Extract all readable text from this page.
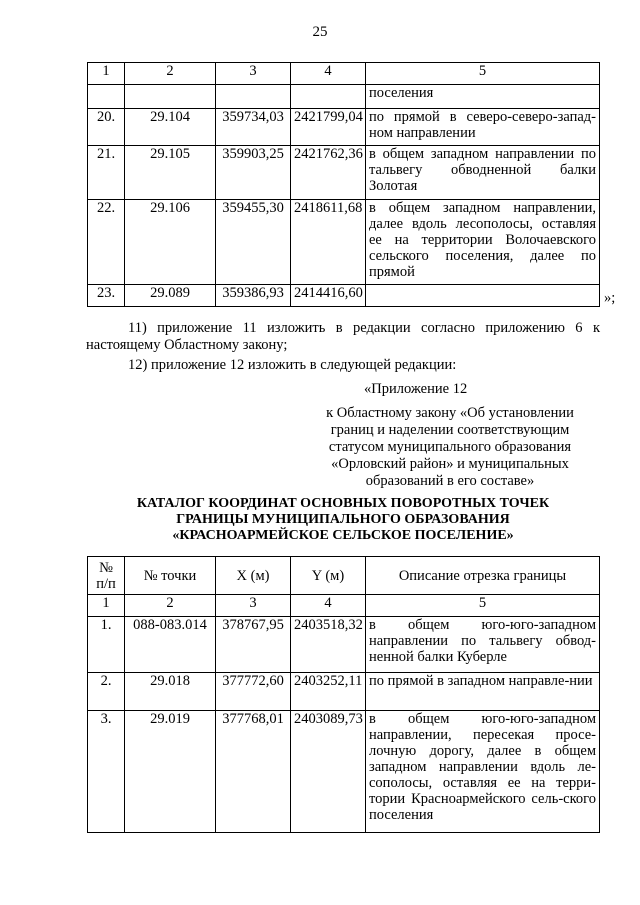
25
1	2	3	4	5
				поселения
20.	29.104	359734,03	2421799,04	по прямой в северо-северо-запад-ном направлении
21.	29.105	359903,25	2421762,36	в общем западном направлении по тальвегу обводненной балки Золотая
22.	29.106	359455,30	2418611,68	в общем западном направлении, далее вдоль лесополосы, оставляя ее на территории Волочаевского сельского поселения, далее по прямой
23.	29.089	359386,93	2414416,60		»;
11) приложение 11 изложить в редакции согласно приложению 6 к настоящему Областному закону;
12) приложение 12 изложить в следующей редакции:
«Приложение 12
к Областному закону «Об установлении
границ и наделении соответствующим
статусом муниципального образования
«Орловский район» и муниципальных
образований в его составе»
КАТАЛОГ КООРДИНАТ ОСНОВНЫХ ПОВОРОТНЫХ ТОЧЕК
ГРАНИЦЫ МУНИЦИПАЛЬНОГО ОБРАЗОВАНИЯ
«КРАСНОАРМЕЙСКОЕ СЕЛЬСКОЕ ПОСЕЛЕНИЕ»
№
п/п	№ точки	X (м)	Y (м)	Описание отрезка границы
1	2	3	4	5
1.	088-083.014	378767,95	2403518,32	в общем юго-юго-западном направлении по тальвегу обвод-ненной балки Куберле
2.	29.018	377772,60	2403252,11	по прямой в западном направле-нии
3.	29.019	377768,01	2403089,73	в общем юго-юго-западном направлении, пересекая просе-лочную дорогу, далее в общем западном направлении вдоль ле-сополосы, оставляя ее на терри-тории Красноармейского сель-ского поселения
